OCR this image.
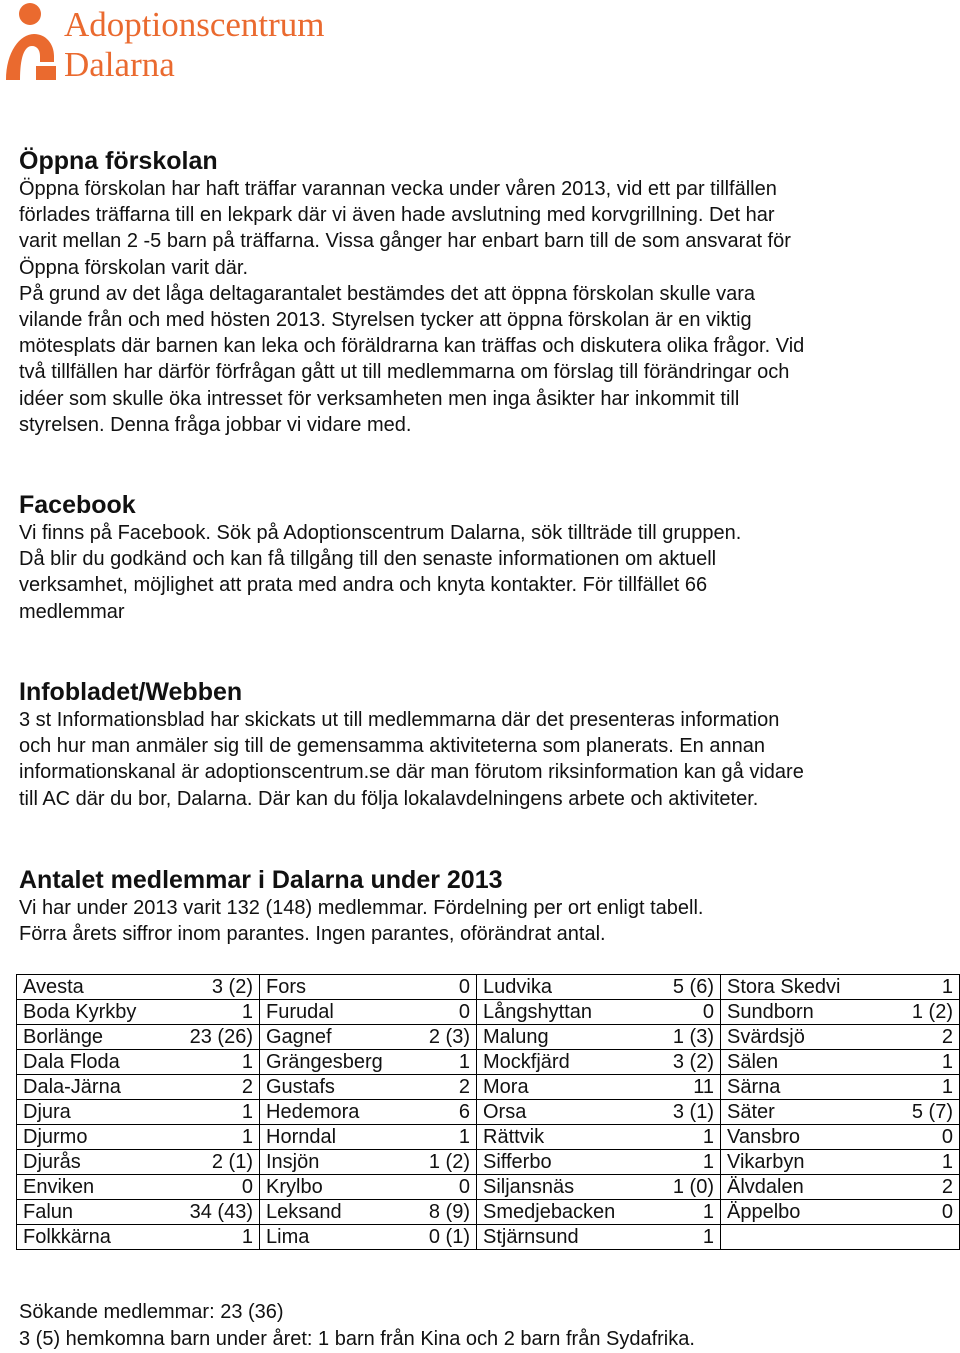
Adoptionscentrum
Dalarna
Öppna förskolan

Öppna förskolan har haft träffar varannan vecka under våren 2013, vid ett par tillfällen

förlades träffarna till en lekpark där vi även hade avslutning med korvgrillning. Det har

varit mellan 2 -5 barn på träffarna. Vissa gånger har enbart barn till de som ansvarat för

Öppna förskolan varit där.

På grund av det låga deltagarantalet bestämdes det att öppna förskolan skulle vara

vilande från och med hösten 2013. Styrelsen tycker att öppna förskolan är en viktig

mötesplats där barnen kan leka och föräldrarna kan träffas och diskutera olika frågor. Vid

två tillfällen har därför förfrågan gått ut till medlemmarna om förslag till förändringar och

idéer som skulle öka intresset för verksamheten men inga åsikter har inkommit till

styrelsen. Denna fråga jobbar vi vidare med.

Facebook

Vi finns på Facebook. Sök på Adoptionscentrum Dalarna, sök tillträde till gruppen.

Då blir du godkänd och kan få tillgång till den senaste informationen om aktuell

verksamhet, möjlighet att prata med andra och knyta kontakter. För tillfället 66

medlemmar

Infobladet/Webben

3 st Informationsblad har skickats ut till medlemmarna där det presenteras information

och hur man anmäler sig till de gemensamma aktiviteterna som planerats. En annan

informationskanal är adoptionscentrum.se där man förutom riksinformation kan gå vidare

till AC där du bor, Dalarna. Där kan du följa lokalavdelningens arbete och aktiviteter.

Antalet medlemmar i Dalarna under 2013

Vi har under 2013 varit 132 (148) medlemmar. Fördelning per ort enligt tabell.

Förra årets siffror inom parantes. Ingen parantes, oförändrat antal.

Avesta 3 (2)	Fors 0	Ludvika 5 (6)	Stora Skedvi 1

Boda Kyrkby 1	Furudal 0	Långshyttan 0	Sundborn 1 (2)

Borlänge 23 (26)	Gagnef 2 (3)	Malung 1 (3)	Svärdsjö 2

Dala Floda 1	Grängesberg 1	Mockfjärd 3 (2)	Sälen 1

Dala-Järna 2	Gustafs 2	Mora 11	Särna 1

Djura 1	Hedemora 6	Orsa 3 (1)	Säter 5 (7)

Djurmo 1	Horndal 1	Rättvik 1	Vansbro 0

Djurås 2 (1)	Insjön 1 (2)	Sifferbo 1	Vikarbyn 1

Enviken 0	Krylbo 0	Siljansnäs 1 (0)	Älvdalen 2

Falun 34 (43)	Leksand 8 (9)	Smedjebacken 1	Äppelbo 0

Folkkärna 1	Lima 0 (1)	Stjärnsund 1	

Sökande medlemmar: 23 (36)

3 (5) hemkomna barn under året: 1 barn från Kina och 2 barn från Sydafrika.
